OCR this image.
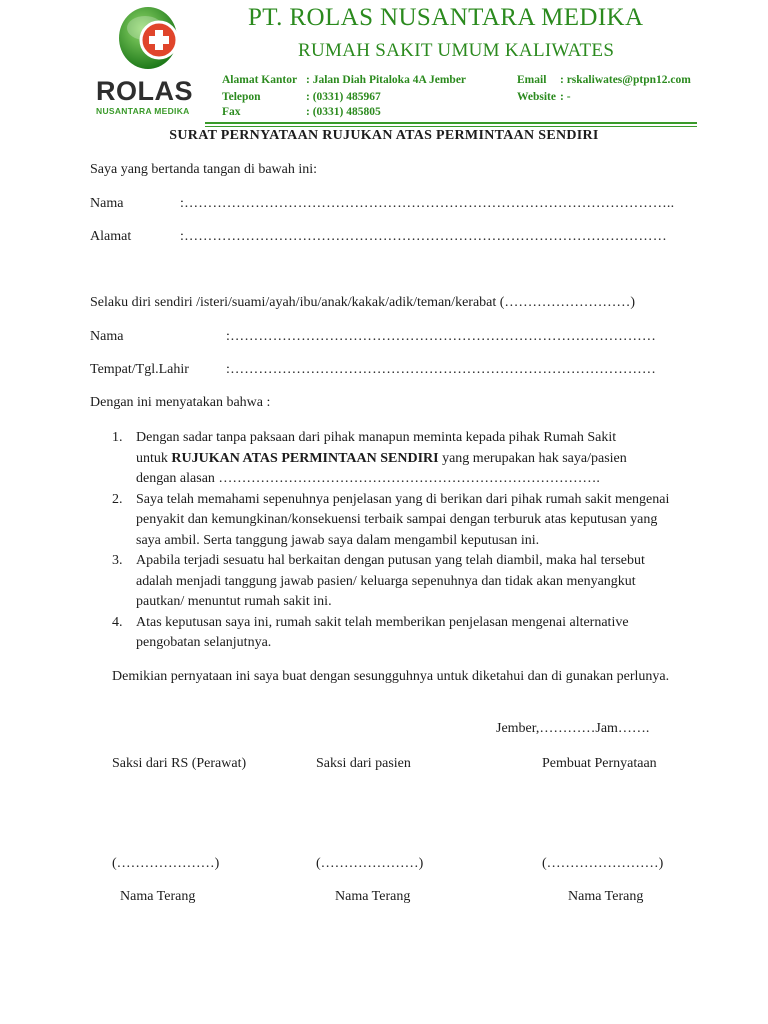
ROLAS
NUSANTARA MEDIKA
PT. ROLAS NUSANTARA MEDIKA
RUMAH SAKIT UMUM KALIWATES
Alamat Kantor : Jalan Diah Pitaloka 4A Jember
Telepon	: (0331) 485967
Fax	: (0331) 485805
Email : rskaliwates@ptpn12.com
Website : -
SURAT PERNYATAAN RUJUKAN ATAS PERMINTAAN SENDIRI
Saya yang bertanda tangan di bawah ini:
Nama	:…………………………………………………………………………………………..
Alamat	:…………………………………………………………………………………………
Selaku diri sendiri /isteri/suami/ayah/ibu/anak/kakak/adik/teman/kerabat (………………………)
Nama	:………………………………………………………………………………
Tempat/Tgl.Lahir	:………………………………………………………………………………
Dengan ini menyatakan bahwa :
1. Dengan sadar tanpa paksaan dari pihak manapun meminta kepada pihak Rumah Sakit
untuk RUJUKAN ATAS PERMINTAAN SENDIRI yang merupakan hak saya/pasien
dengan alasan ……………………………………………………………………….
2. Saya telah memahami sepenuhnya penjelasan yang di berikan dari pihak rumah sakit mengenai penyakit dan kemungkinan/konsekuensi terbaik sampai dengan terburuk atas keputusan yang saya ambil. Serta tanggung jawab saya dalam mengambil keputusan ini.
3. Apabila terjadi sesuatu hal berkaitan dengan putusan yang telah diambil, maka hal tersebut adalah menjadi tanggung jawab pasien/ keluarga sepenuhnya dan tidak akan menyangkut pautkan/ menuntut rumah sakit ini.
4. Atas keputusan saya ini, rumah sakit telah memberikan penjelasan mengenai alternative pengobatan selanjutnya.
Demikian pernyataan ini saya buat dengan sesungguhnya untuk diketahui dan di gunakan perlunya.
Jember,…………Jam…….
Saksi dari RS (Perawat)	Saksi dari pasien	Pembuat Pernyataan
(…………………)	(…………………)	(……………………)
Nama Terang	Nama Terang	Nama Terang
